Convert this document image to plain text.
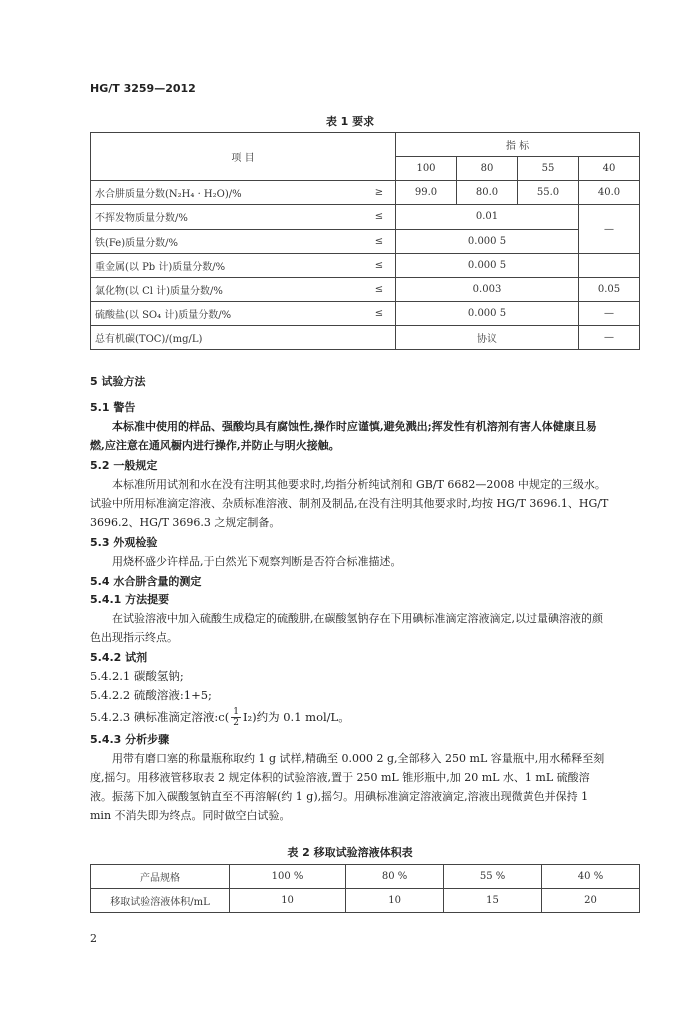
HG/T 3259—2012
表 1 要求
项 目		指 标			
		100	80	55	40
水合肼质量分数(N₂H₄ · H₂O)/%	≥	99.0	80.0	55.0	40.0
不挥发物质量分数/%	≤	0.01			—
铁(Fe)质量分数/%	≤	0.000 5			
重金属(以 Pb 计)质量分数/%	≤	0.000 5			
氯化物(以 Cl 计)质量分数/%	≤	0.003			0.05
硫酸盐(以 SO₄ 计)质量分数/%	≤	0.000 5			—
总有机碳(TOC)/(mg/L)		协议			—
5 试验方法
5.1 警告
本标准中使用的样品、强酸均具有腐蚀性,操作时应谨慎,避免溅出;挥发性有机溶剂有害人体健康且易燃,应注意在通风橱内进行操作,并防止与明火接触。
5.2 一般规定
本标准所用试剂和水在没有注明其他要求时,均指分析纯试剂和 GB/T 6682—2008 中规定的三级水。试验中所用标准滴定溶液、杂质标准溶液、制剂及制品,在没有注明其他要求时,均按 HG/T 3696.1、HG/T 3696.2、HG/T 3696.3 之规定制备。
5.3 外观检验
用烧杯盛少许样品,于白然光下观察判断是否符合标准描述。
5.4 水合肼含量的测定
5.4.1 方法提要
在试验溶液中加入硫酸生成稳定的硫酸肼,在碳酸氢钠存在下用碘标准滴定溶液滴定,以过量碘溶液的颜色出现指示终点。
5.4.2 试剂
5.4.2.1 碳酸氢钠;
5.4.2.2 硫酸溶液:1+5;
5.4.2.3 碘标准滴定溶液:c( $\frac{1}{2} I_2$ )约为 0.1 mol/L。
5.4.3 分析步骤
用带有磨口塞的称量瓶称取约 1 g 试样,精确至 0.000 2 g,全部移入 250 mL 容量瓶中,用水稀释至刻度,摇匀。用移液管移取表 2 规定体积的试验溶液,置于 250 mL 锥形瓶中,加 20 mL 水、1 mL 硫酸溶液。振荡下加入碳酸氢钠直至不再溶解(约 1 g),摇匀。用碘标准滴定溶液滴定,溶液出现微黄色并保持 1 min 不消失即为终点。同时做空白试验。
表 2 移取试验溶液体积表
产品规格	100 %	80 %	55 %	40 %
移取试验溶液体积/mL	10	10	15	20
2
